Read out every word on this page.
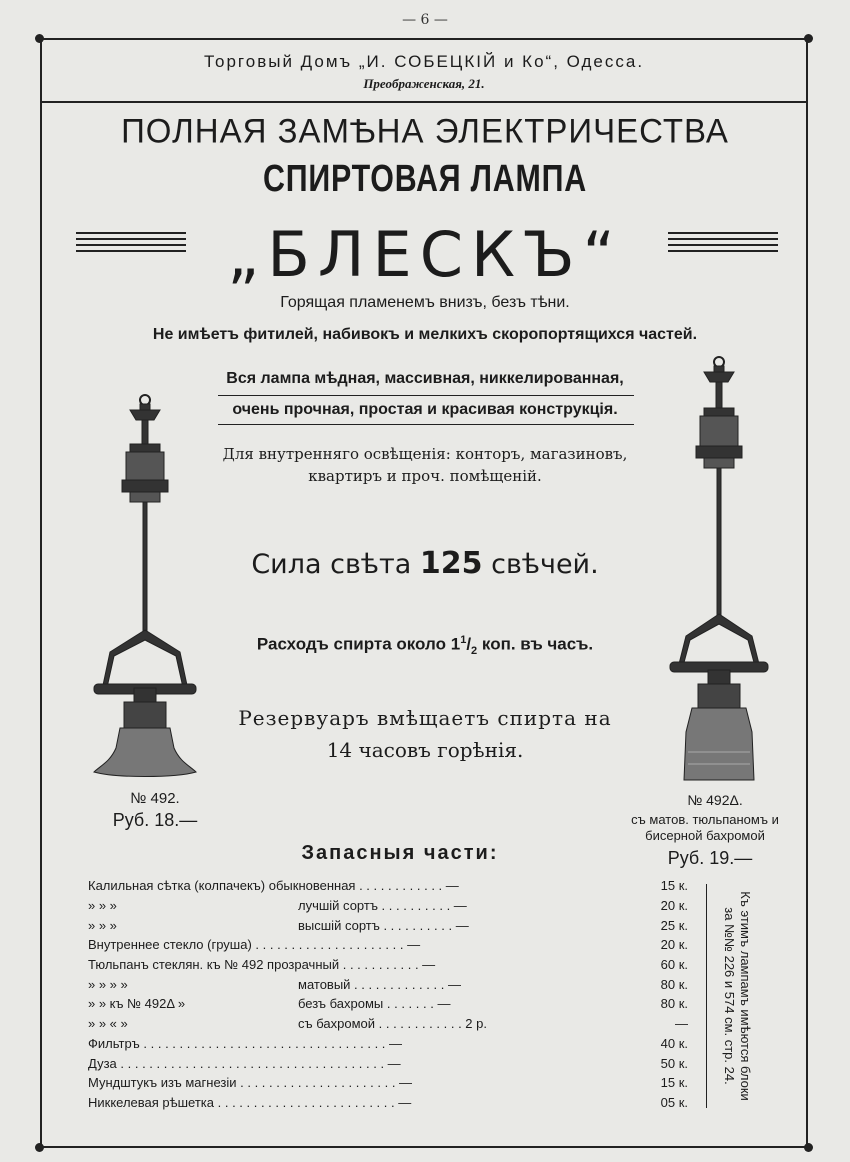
— 6 —
Торговый Домъ „И. СОБЕЦКІЙ и Ко“, Одесса.
Преображенская, 21.
ПОЛНАЯ ЗАМѢНА ЭЛЕКТРИЧЕСТВА
СПИРТОВАЯ ЛАМПА
„БЛЕСКЪ“
Горящая пламенемъ внизъ, безъ тѣни.
Не имѣетъ фитилей, набивокъ и мелкихъ скоропортящихся частей.
Вся лампа мѣдная, массивная, никкелированная,
очень прочная, простая и красивая конструкція.
Для внутренняго освѣщенія: конторъ, магазиновъ,
квартиръ и проч. помѣщеній.
Сила свѣта 125 свѣчей.
Расходъ спирта около $1^1/_2$ коп. въ часъ.
Резервуаръ вмѣщаетъ спирта на
14 часовъ горѣнія.
№ 492.
Руб. 18.—
№ 492Δ.
съ матов. тюльпаномъ и
бисерной бахромой
Руб. 19.—
Запасныя части:
Калильная сѣтка (колпачекъ) обыкновенная . . . . . . . . . . . . —		15 к.
» » »	лучшій сортъ . . . . . . . . . . —	20 к.
» » »	высшій сортъ . . . . . . . . . . —	25 к.
Внутреннее стекло (груша) . . . . . . . . . . . . . . . . . . . . . —		20 к.
Тюльпанъ стеклян. къ № 492 прозрачный . . . . . . . . . . . —		60 к.
» » » »	матовый . . . . . . . . . . . . . —	80 к.
» » къ № 492Δ »	безъ бахромы . . . . . . . —	80 к.
» » « »	съ бахромой . . . . . . . . . . . . 2 р.	—
Фильтръ . . . . . . . . . . . . . . . . . . . . . . . . . . . . . . . . . . —		40 к.
Дуза . . . . . . . . . . . . . . . . . . . . . . . . . . . . . . . . . . . . . —		50 к.
Мундштукъ изъ магнезіи . . . . . . . . . . . . . . . . . . . . . . —		15 к.
Никкелевая рѣшетка . . . . . . . . . . . . . . . . . . . . . . . . . —		05 к.
Къ этимъ лампамъ имѣются блоки за №№ 226 и 574 см. стр. 24.
